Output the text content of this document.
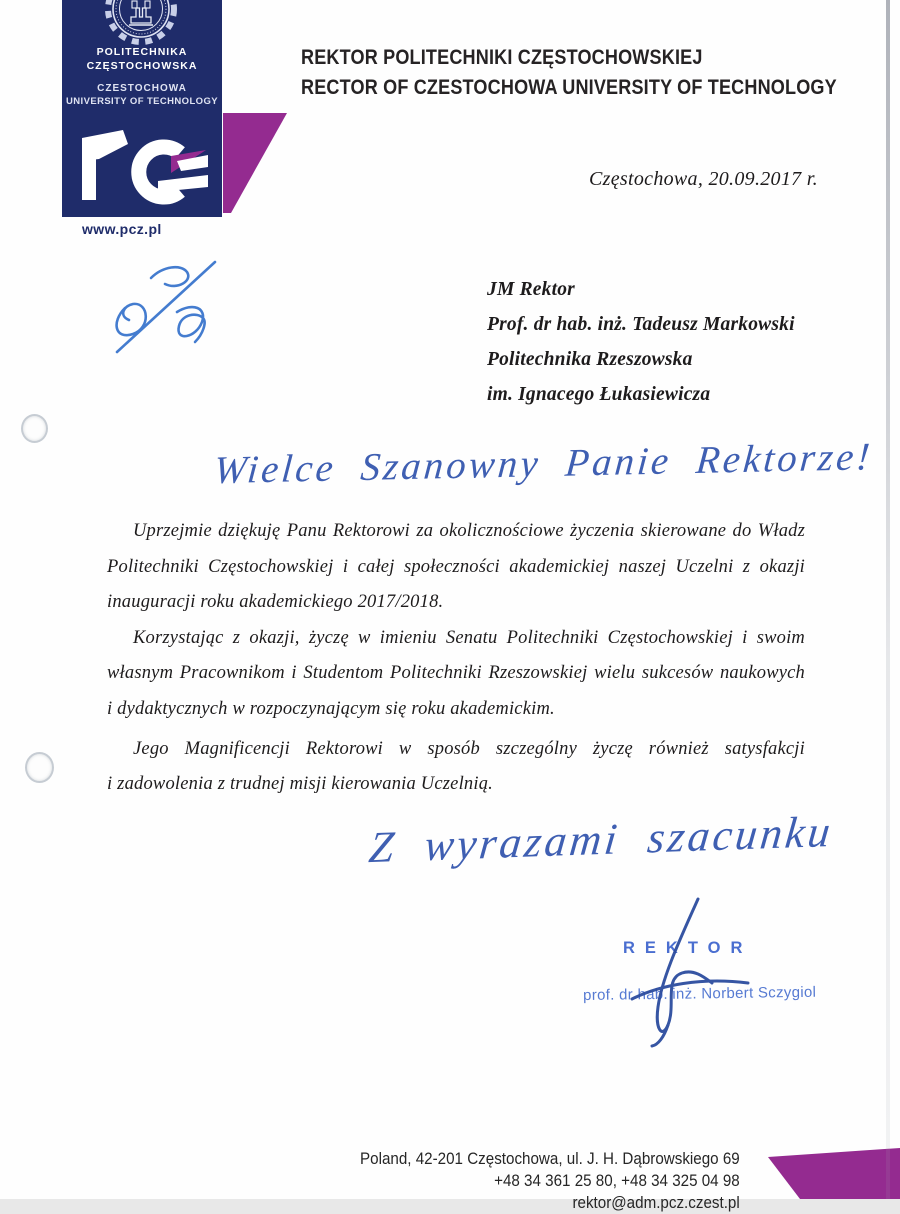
POLITECHNIKA
CZĘSTOCHOWSKA
CZESTOCHOWA
UNIVERSITY OF TECHNOLOGY
www.pcz.pl
REKTOR POLITECHNIKI CZĘSTOCHOWSKIEJ
RECTOR OF CZESTOCHOWA UNIVERSITY OF TECHNOLOGY
Częstochowa, 20.09.2017 r.
JM Rektor
Prof. dr hab. inż. Tadeusz Markowski
Politechnika Rzeszowska
im. Ignacego Łukasiewicza
Wielce Szanowny Panie Rektorze!
Uprzejmie dziękuję Panu Rektorowi za okolicznościowe życzenia skierowane do Władz
Politechniki Częstochowskiej i całej społeczności akademickiej naszej Uczelni z okazji
inauguracji roku akademickiego 2017/2018.
Korzystając z okazji, życzę w imieniu Senatu Politechniki Częstochowskiej i swoim
własnym Pracownikom i Studentom Politechniki Rzeszowskiej wielu sukcesów naukowych
i dydaktycznych w rozpoczynającym się roku akademickim.
Jego Magnificencji Rektorowi w sposób szczególny życzę również satysfakcji
i zadowolenia z trudnej misji kierowania Uczelnią.
Z wyrazami szacunku
REKTOR
prof. dr hab. inż. Norbert Sczygiol
Poland, 42-201 Częstochowa, ul. J. H. Dąbrowskiego 69
+48 34 361 25 80, +48 34 325 04 98
rektor@adm.pcz.czest.pl
